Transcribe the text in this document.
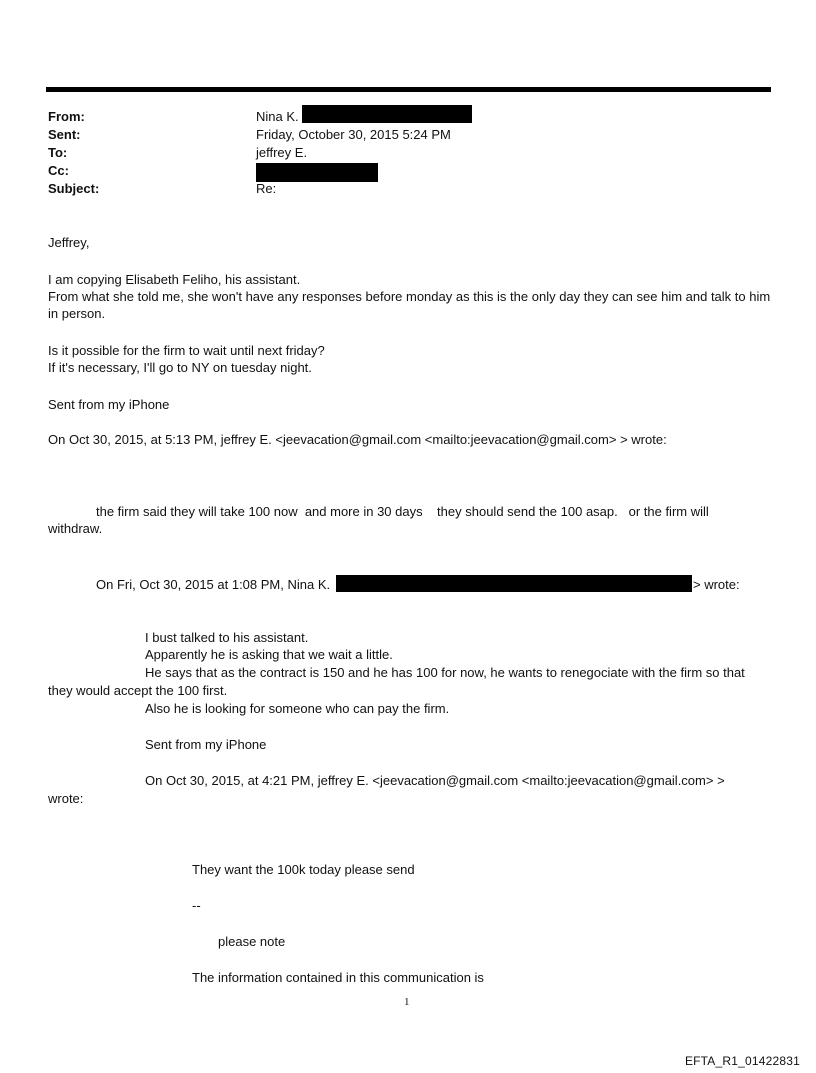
From:	Nina K.
Sent:	Friday, October 30, 2015 5:24 PM
To:	jeffrey E.
Cc:
Subject:	Re:
Jeffrey,
I am copying Elisabeth Feliho, his assistant.
From what she told me, she won't have any responses before monday as this is the only day they can see him and talk to him in person.
Is it possible for the firm to wait until next friday?
If it's necessary, I'll go to NY on tuesday night.
Sent from my iPhone
On Oct 30, 2015, at 5:13 PM, jeffrey E. <jeevacation@gmail.com <mailto:jeevacation@gmail.com> > wrote:
the firm said they will take 100 now  and more in 30 days    they should send the 100 asap.   or the firm will
withdraw.
On Fri, Oct 30, 2015 at 1:08 PM, Nina K.	> wrote:
I bust talked to his assistant.
Apparently he is asking that we wait a little.
He says that as the contract is 150 and he has 100 for now, he wants to renegociate with the firm so that
they would accept the 100 first.
Also he is looking for someone who can pay the firm.
Sent from my iPhone
On Oct 30, 2015, at 4:21 PM, jeffrey E. <jeevacation@gmail.com <mailto:jeevacation@gmail.com> >
wrote:
They want the 100k today please send
--
please note
The information contained in this communication is
1
EFTA_R1_01422831
